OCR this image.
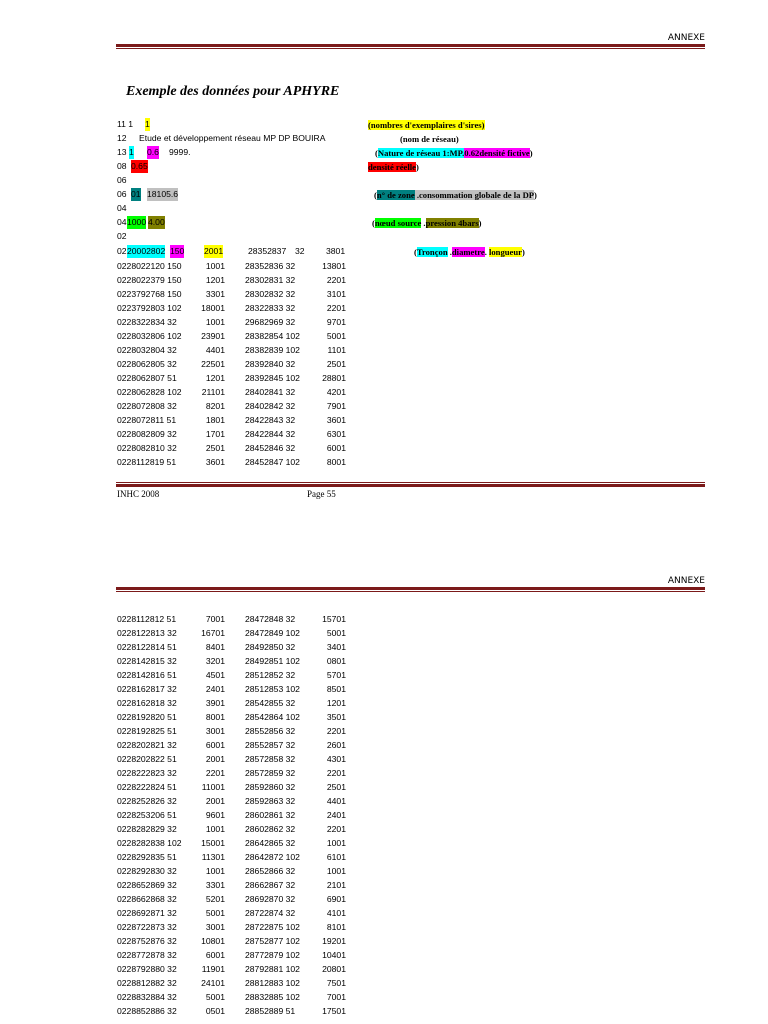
ANNEXE
Exemple des données pour APHYRE
11 1 1
12 Etude et développement réseau MP DP BOUIRA
13 1 0.6 9999.
08 0.65
06
06 01 18105.6
04
04 1000 4.00
02
02 20002802 150 2001	28352837 32 3801
(nombres d'exemplaires d'sires)
(nom de réseau)
(Nature de réseau 1:MP.0.62densité fictive)
densité réelle)
(n° de zone .consommation globale de la DP)
(nœud source .pression 4bars)
(Tronçon .diametre. longueur)
0228022120 150	1001 28352836 32	13801
0228022379 150	1201 28302831 32	2201
0223792768 150	3301 28302832 32	3101
0223792803 102 18001 28322833 32	2201
0228322834 32	1001 29682969 32	9701
0228032806 102 23901 28382854 102	5001
0228032804 32	4401 28382839 102	1101
0228062805 32	22501 28392840 32	2501
0228062807 51	1201 28392845 102	28801
0228062828 102 21101 28402841 32	4201
0228072808 32	8201 28402842 32	7901
0228072811 51	1801 28422843 32	3601
0228082809 32	1701 28422844 32	6301
0228082810 32	2501 28452846 32	6001
0228112819 51	3601 28452847 102	8001
INHC 2008	Page 55
ANNEXE
0228112812 51	7001 28472848 32	15701
0228122813 32	16701 28472849 102	5001
0228122814 51	8401 28492850 32	3401
0228142815 32	3201 28492851 102	0801
0228142816 51	4501 28512852 32	5701
0228162817 32	2401 28512853 102	8501
0228162818 32	3901 28542855 32	1201
0228192820 51	8001 28542864 102	3501
0228192825 51	3001 28552856 32	2201
0228202821 32	6001 28552857 32	2601
0228202822 51	2001 28572858 32	4301
0228222823 32	2201 28572859 32	2201
0228222824 51	11001 28592860 32	2501
0228252826 32	2001 28592863 32	4401
0228253206 51	9601 28602861 32	2401
0228282829 32	1001 28602862 32	2201
0228282838 102 15001 28642865 32	1001
0228292835 51	11301 28642872 102	6101
0228292830 32	1001 28652866 32	1001
0228652869 32	3301 28662867 32	2101
0228662868 32	5201 28692870 32	6901
0228692871 32	5001 28722874 32	4101
0228722873 32	3001 28722875 102	8101
0228752876 32	10801 28752877 102	19201
0228772878 32	6001 28772879 102	10401
0228792880 32	11901 28792881 102	20801
0228812882 32	24101 28812883 102	7501
0228832884 32	5001 28832885 102	7001
0228852886 32	0501 28852889 51	17501
